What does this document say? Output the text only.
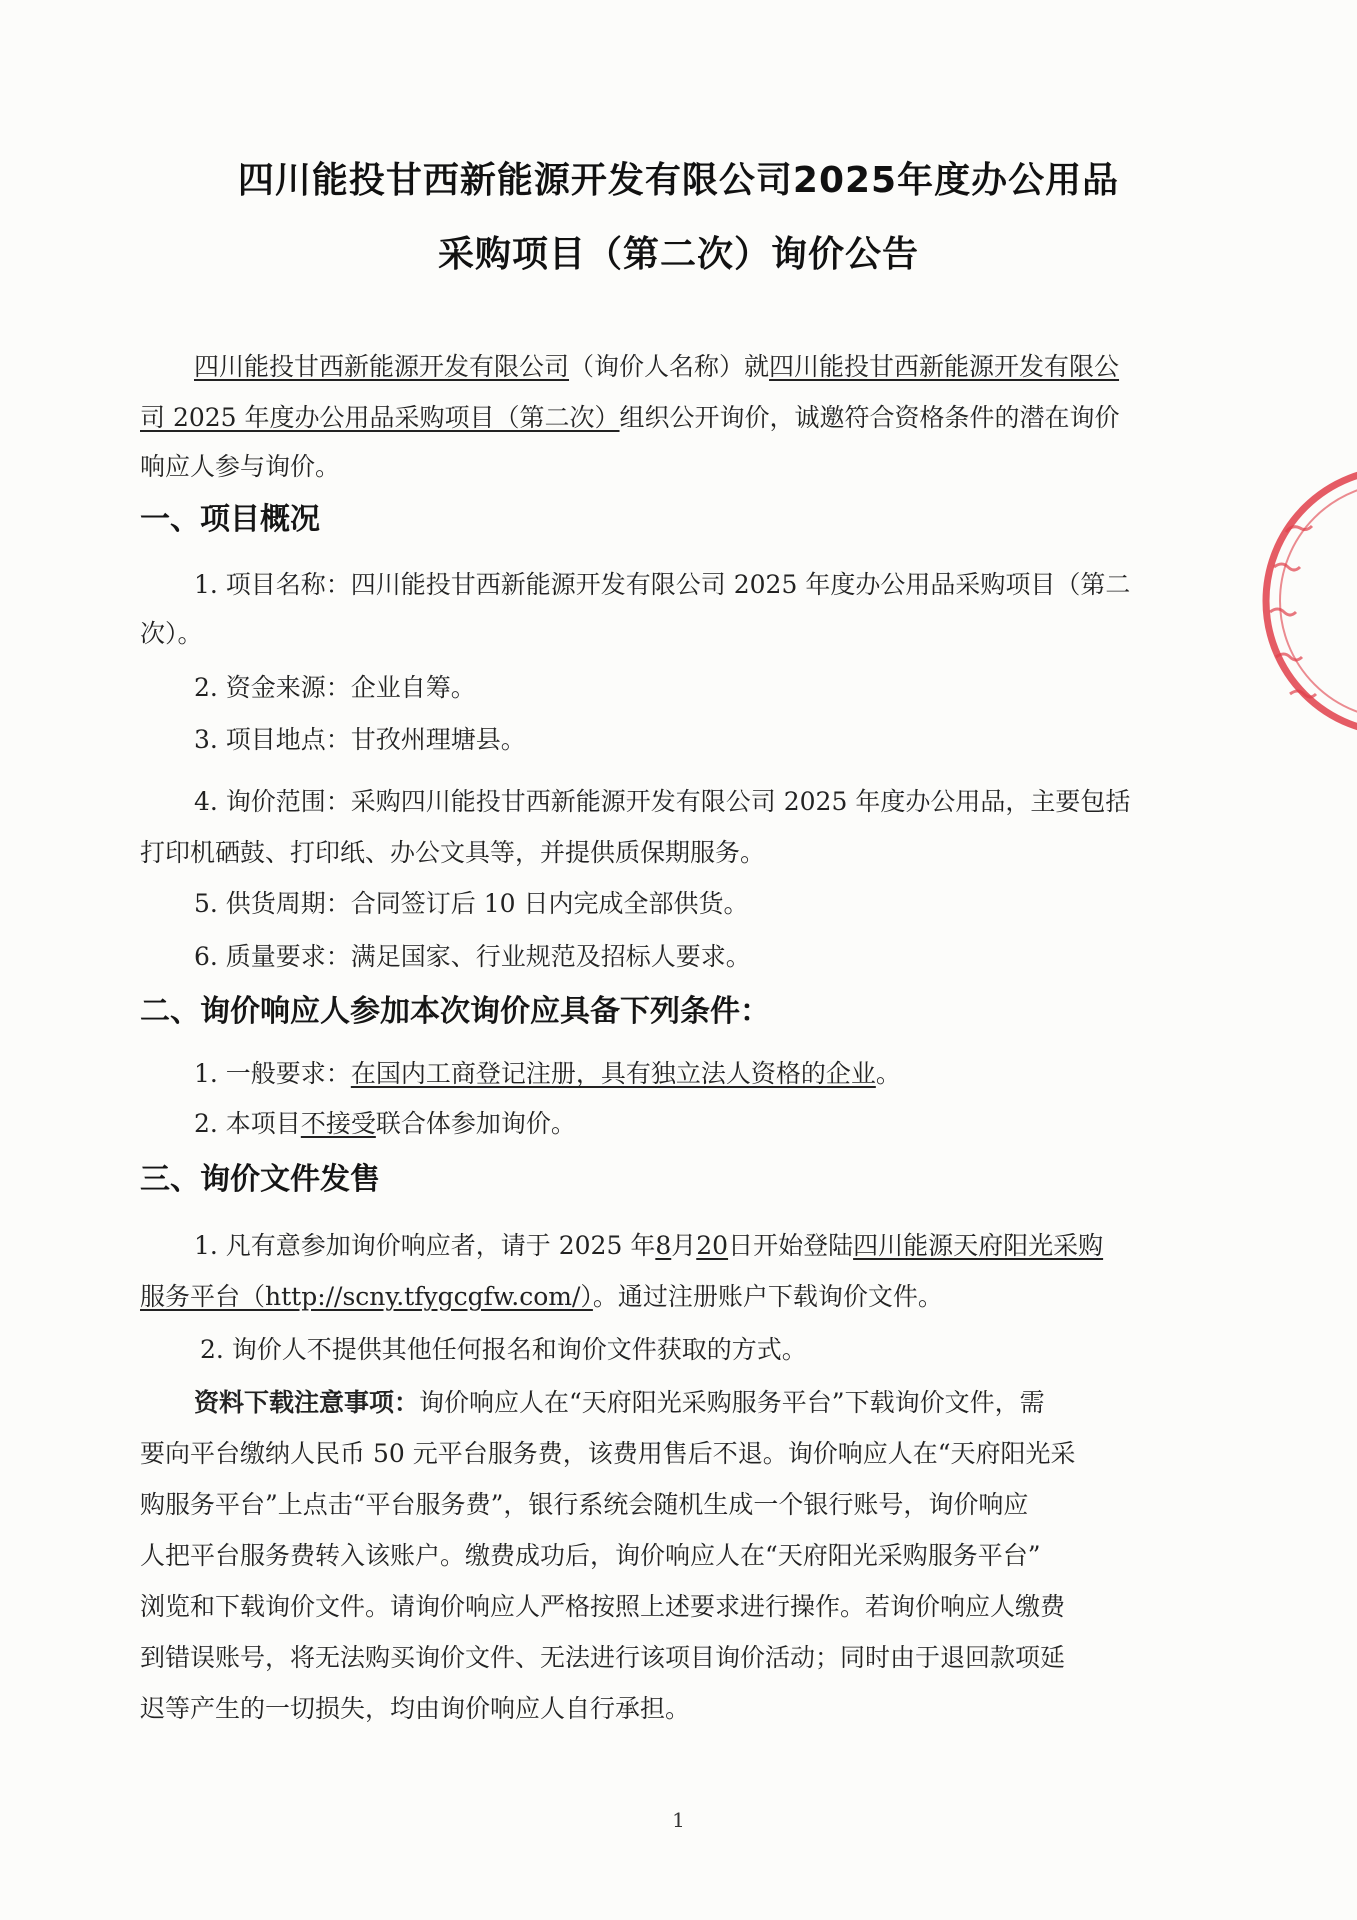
四川能投甘西新能源开发有限公司2025年度办公用品
采购项目（第二次）询价公告
四川能投甘西新能源开发有限公司（询价人名称）就四川能投甘西新能源开发有限公
司 2025 年度办公用品采购项目（第二次）组织公开询价，诚邀符合资格条件的潜在询价
响应人参与询价。
一、项目概况
1. 项目名称：四川能投甘西新能源开发有限公司 2025 年度办公用品采购项目（第二
次）。
2. 资金来源：企业自筹。
3. 项目地点：甘孜州理塘县。
4. 询价范围：采购四川能投甘西新能源开发有限公司 2025 年度办公用品，主要包括
打印机硒鼓、打印纸、办公文具等，并提供质保期服务。
5. 供货周期：合同签订后 10 日内完成全部供货。
6. 质量要求：满足国家、行业规范及招标人要求。
二、询价响应人参加本次询价应具备下列条件：
1. 一般要求：在国内工商登记注册，具有独立法人资格的企业。
2. 本项目不接受联合体参加询价。
三、询价文件发售
1. 凡有意参加询价响应者，请于 2025 年8月20日开始登陆四川能源天府阳光采购
服务平台（http://scny.tfygcgfw.com/）。通过注册账户下载询价文件。
2. 询价人不提供其他任何报名和询价文件获取的方式。
资料下载注意事项：询价响应人在“天府阳光采购服务平台”下载询价文件，需
要向平台缴纳人民币 50 元平台服务费，该费用售后不退。询价响应人在“天府阳光采
购服务平台”上点击“平台服务费”，银行系统会随机生成一个银行账号，询价响应
人把平台服务费转入该账户。缴费成功后，询价响应人在“天府阳光采购服务平台”
浏览和下载询价文件。请询价响应人严格按照上述要求进行操作。若询价响应人缴费
到错误账号，将无法购买询价文件、无法进行该项目询价活动；同时由于退回款项延
迟等产生的一切损失，均由询价响应人自行承担。
1
